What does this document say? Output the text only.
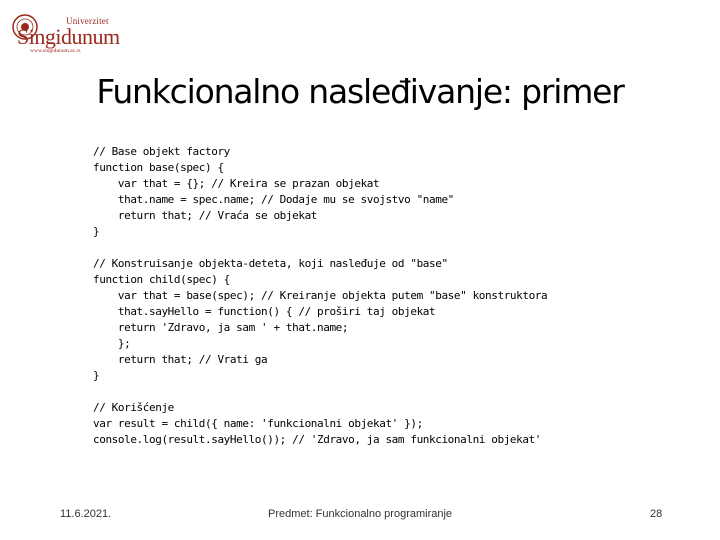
Univerzitet
Singidunum
www.singidunum.ac.rs
Funkcionalno nasleđivanje: primer
// Base objekt factory
function base(spec) {
var that = {}; // Kreira se prazan objekat
that.name = spec.name; // Dodaje mu se svojstvo "name"
return that; // Vraća se objekat
}

// Konstruisanje objekta-deteta, koji nasleđuje od "base"
function child(spec) {
var that = base(spec); // Kreiranje objekta putem "base" konstruktora
that.sayHello = function() { // proširi taj objekat
return 'Zdravo, ja sam ' + that.name;
};
return that; // Vrati ga
}

// Korišćenje
var result = child({ name: 'funkcionalni objekat' });
console.log(result.sayHello()); // 'Zdravo, ja sam funkcionalni objekat'
11.6.2021.	Predmet: Funkcionalno programiranje	28
